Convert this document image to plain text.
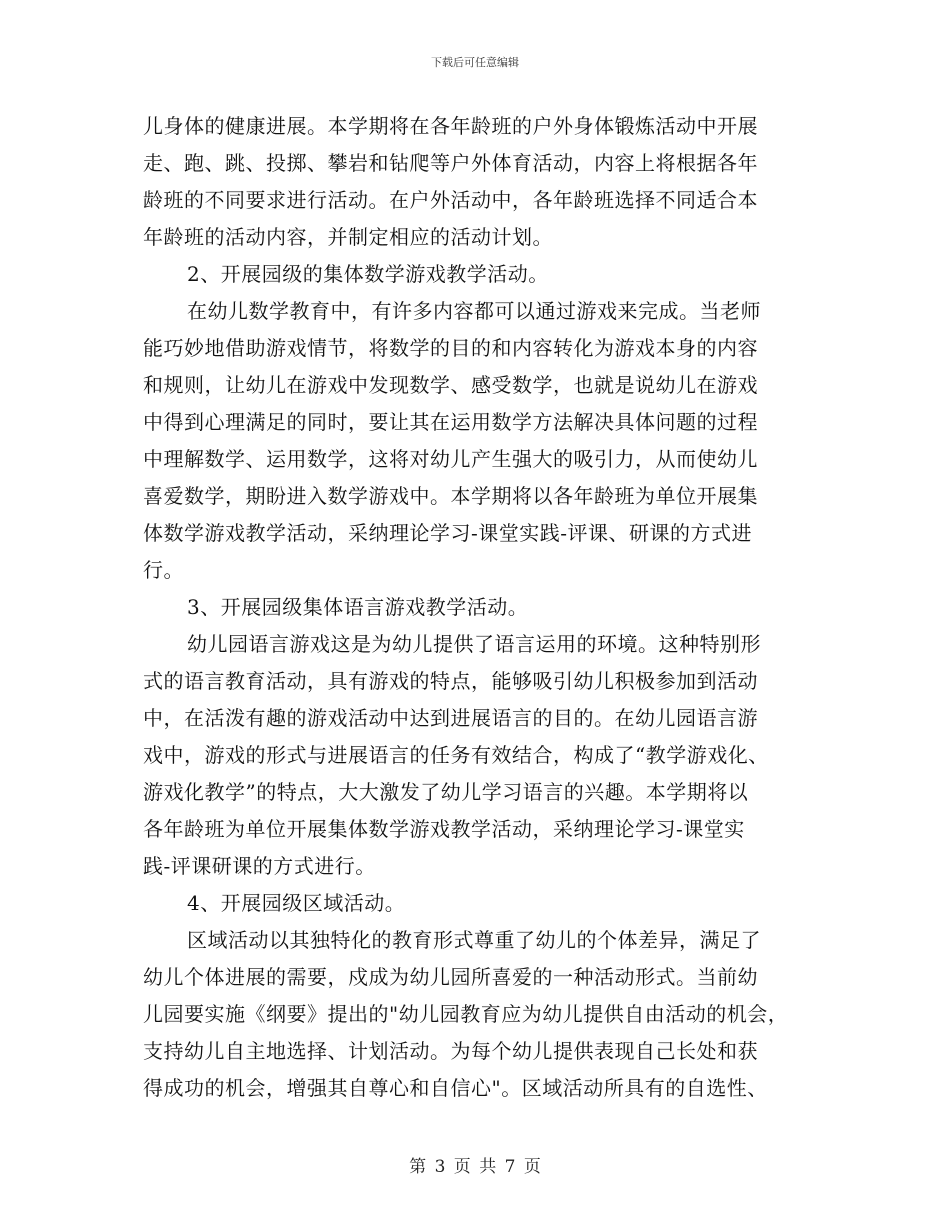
下载后可任意编辑
儿身体的健康进展。本学期将在各年龄班的户外身体锻炼活动中开展
走、跑、跳、投掷、攀岩和钻爬等户外体育活动，内容上将根据各年
龄班的不同要求进行活动。在户外活动中，各年龄班选择不同适合本
年龄班的活动内容，并制定相应的活动计划。
2、开展园级的集体数学游戏教学活动。
在幼儿数学教育中，有许多内容都可以通过游戏来完成。当老师
能巧妙地借助游戏情节，将数学的目的和内容转化为游戏本身的内容
和规则，让幼儿在游戏中发现数学、感受数学，也就是说幼儿在游戏
中得到心理满足的同时，要让其在运用数学方法解决具体问题的过程
中理解数学、运用数学，这将对幼儿产生强大的吸引力，从而使幼儿
喜爱数学，期盼进入数学游戏中。本学期将以各年龄班为单位开展集
体数学游戏教学活动，采纳理论学习-课堂实践-评课、研课的方式进
行。
3、开展园级集体语言游戏教学活动。
幼儿园语言游戏这是为幼儿提供了语言运用的环境。这种特别形
式的语言教育活动，具有游戏的特点，能够吸引幼儿积极参加到活动
中，在活泼有趣的游戏活动中达到进展语言的目的。在幼儿园语言游
戏中，游戏的形式与进展语言的任务有效结合，构成了“教学游戏化、
游戏化教学”的特点，大大激发了幼儿学习语言的兴趣。本学期将以
各年龄班为单位开展集体数学游戏教学活动，采纳理论学习-课堂实
践-评课研课的方式进行。
4、开展园级区域活动。
区域活动以其独特化的教育形式尊重了幼儿的个体差异，满足了
幼儿个体进展的需要，戍成为幼儿园所喜爱的一种活动形式。当前幼
儿园要实施《纲要》提出的"幼儿园教育应为幼儿提供自由活动的机会，
支持幼儿自主地选择、计划活动。为每个幼儿提供表现自己长处和获
得成功的机会，增强其自尊心和自信心"。区域活动所具有的自选性、
第 3 页 共 7 页
